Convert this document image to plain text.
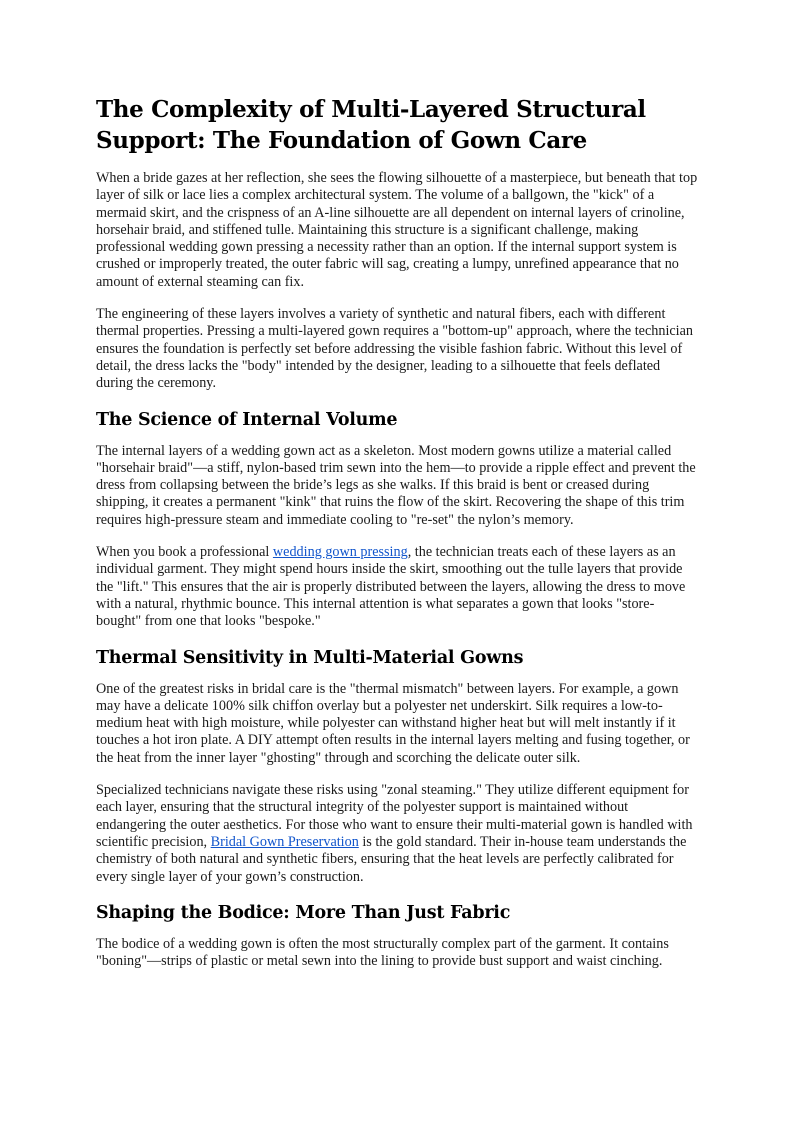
The Complexity of Multi-Layered Structural Support: The Foundation of Gown Care

When a bride gazes at her reflection, she sees the flowing silhouette of a masterpiece, but beneath that top layer of silk or lace lies a complex architectural system. The volume of a ballgown, the "kick" of a mermaid skirt, and the crispness of an A-line silhouette are all dependent on internal layers of crinoline, horsehair braid, and stiffened tulle. Maintaining this structure is a significant challenge, making professional wedding gown pressing a necessity rather than an option. If the internal support system is crushed or improperly treated, the outer fabric will sag, creating a lumpy, unrefined appearance that no amount of external steaming can fix.

The engineering of these layers involves a variety of synthetic and natural fibers, each with different thermal properties. Pressing a multi-layered gown requires a "bottom-up" approach, where the technician ensures the foundation is perfectly set before addressing the visible fashion fabric. Without this level of detail, the dress lacks the "body" intended by the designer, leading to a silhouette that feels deflated during the ceremony.

The Science of Internal Volume

The internal layers of a wedding gown act as a skeleton. Most modern gowns utilize a material called "horsehair braid"—a stiff, nylon-based trim sewn into the hem—to provide a ripple effect and prevent the dress from collapsing between the bride’s legs as she walks. If this braid is bent or creased during shipping, it creates a permanent "kink" that ruins the flow of the skirt. Recovering the shape of this trim requires high-pressure steam and immediate cooling to "re-set" the nylon’s memory.

When you book a professional wedding gown pressing, the technician treats each of these layers as an individual garment. They might spend hours inside the skirt, smoothing out the tulle layers that provide the "lift." This ensures that the air is properly distributed between the layers, allowing the dress to move with a natural, rhythmic bounce. This internal attention is what separates a gown that looks "store-bought" from one that looks "bespoke."

Thermal Sensitivity in Multi-Material Gowns

One of the greatest risks in bridal care is the "thermal mismatch" between layers. For example, a gown may have a delicate 100% silk chiffon overlay but a polyester net underskirt. Silk requires a low-to-medium heat with high moisture, while polyester can withstand higher heat but will melt instantly if it touches a hot iron plate. A DIY attempt often results in the internal layers melting and fusing together, or the heat from the inner layer "ghosting" through and scorching the delicate outer silk.

Specialized technicians navigate these risks using "zonal steaming." They utilize different equipment for each layer, ensuring that the structural integrity of the polyester support is maintained without endangering the outer aesthetics. For those who want to ensure their multi-material gown is handled with scientific precision, Bridal Gown Preservation is the gold standard. Their in-house team understands the chemistry of both natural and synthetic fibers, ensuring that the heat levels are perfectly calibrated for every single layer of your gown’s construction.

Shaping the Bodice: More Than Just Fabric

The bodice of a wedding gown is often the most structurally complex part of the garment. It contains "boning"—strips of plastic or metal sewn into the lining to provide bust support and waist cinching.
